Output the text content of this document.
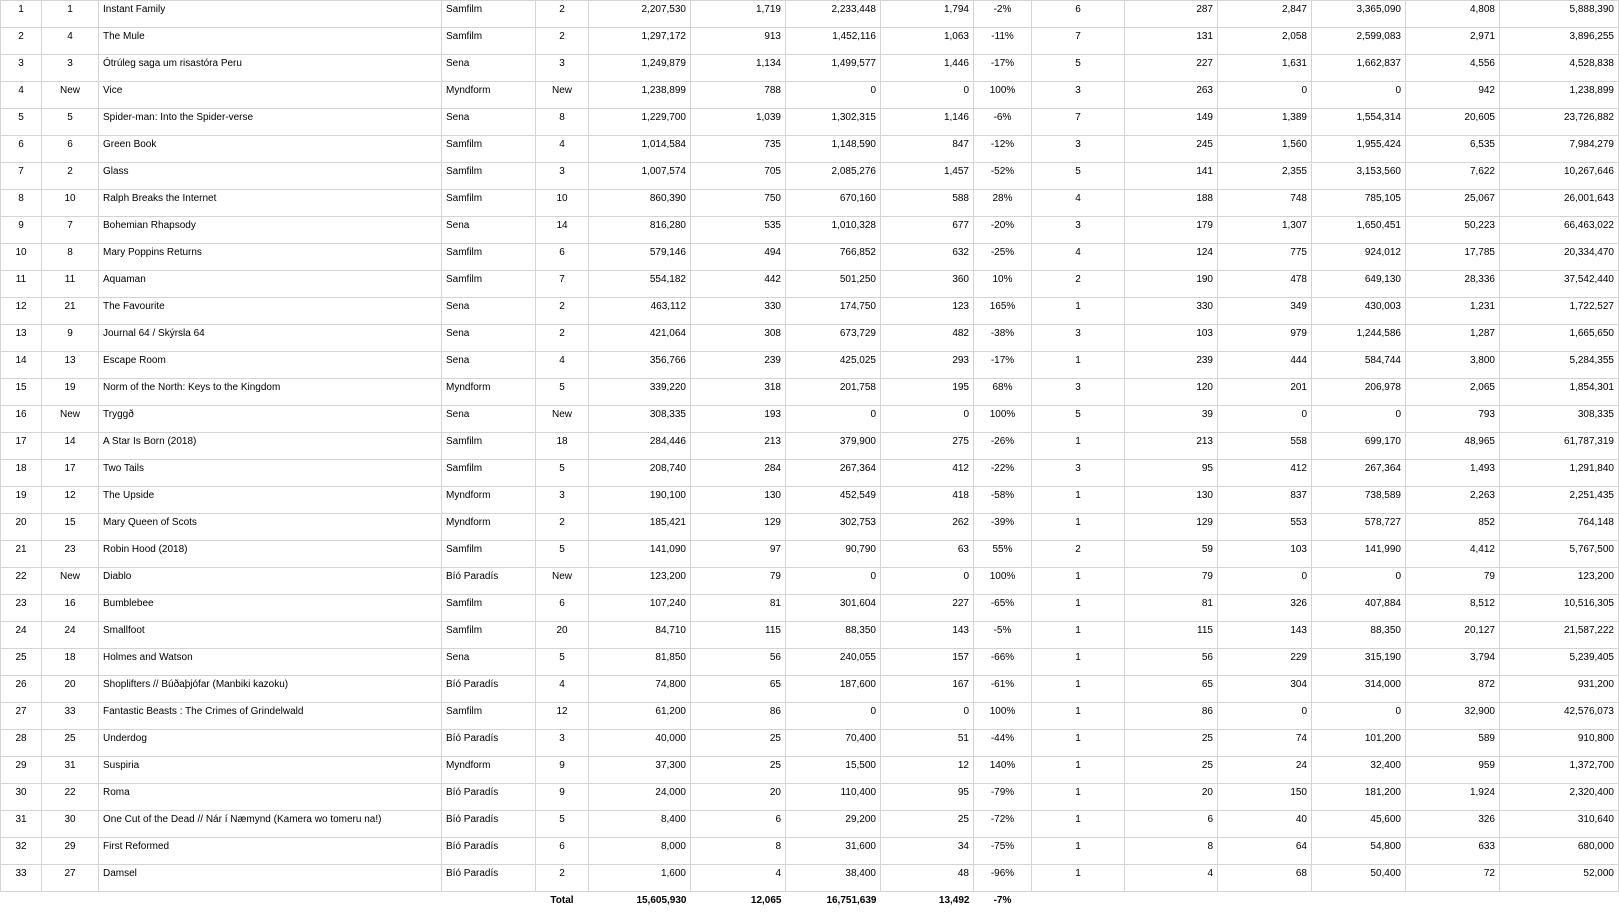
1	1	Instant Family	Samfilm	2	2,207,530	1,719	2,233,448	1,794	-2%	6	287	2,847	3,365,090	4,808	5,888,390
2	4	The Mule	Samfilm	2	1,297,172	913	1,452,116	1,063	-11%	7	131	2,058	2,599,083	2,971	3,896,255
3	3	Ótrúleg saga um risastóra Peru	Sena	3	1,249,879	1,134	1,499,577	1,446	-17%	5	227	1,631	1,662,837	4,556	4,528,838
4	New	Vice	Myndform	New	1,238,899	788	0	0	100%	3	263	0	0	942	1,238,899
5	5	Spider-man: Into the Spider-verse	Sena	8	1,229,700	1,039	1,302,315	1,146	-6%	7	149	1,389	1,554,314	20,605	23,726,882
6	6	Green Book	Samfilm	4	1,014,584	735	1,148,590	847	-12%	3	245	1,560	1,955,424	6,535	7,984,279
7	2	Glass	Samfilm	3	1,007,574	705	2,085,276	1,457	-52%	5	141	2,355	3,153,560	7,622	10,267,646
8	10	Ralph Breaks the Internet	Samfilm	10	860,390	750	670,160	588	28%	4	188	748	785,105	25,067	26,001,643
9	7	Bohemian Rhapsody	Sena	14	816,280	535	1,010,328	677	-20%	3	179	1,307	1,650,451	50,223	66,463,022
10	8	Mary Poppins Returns	Samfilm	6	579,146	494	766,852	632	-25%	4	124	775	924,012	17,785	20,334,470
11	11	Aquaman	Samfilm	7	554,182	442	501,250	360	10%	2	190	478	649,130	28,336	37,542,440
12	21	The Favourite	Sena	2	463,112	330	174,750	123	165%	1	330	349	430,003	1,231	1,722,527
13	9	Journal 64 / Skýrsla 64	Sena	2	421,064	308	673,729	482	-38%	3	103	979	1,244,586	1,287	1,665,650
14	13	Escape Room	Sena	4	356,766	239	425,025	293	-17%	1	239	444	584,744	3,800	5,284,355
15	19	Norm of the North: Keys to the Kingdom	Myndform	5	339,220	318	201,758	195	68%	3	120	201	206,978	2,065	1,854,301
16	New	Tryggð	Sena	New	308,335	193	0	0	100%	5	39	0	0	793	308,335
17	14	A Star Is Born (2018)	Samfilm	18	284,446	213	379,900	275	-26%	1	213	558	699,170	48,965	61,787,319
18	17	Two Tails	Samfilm	5	208,740	284	267,364	412	-22%	3	95	412	267,364	1,493	1,291,840
19	12	The Upside	Myndform	3	190,100	130	452,549	418	-58%	1	130	837	738,589	2,263	2,251,435
20	15	Mary Queen of Scots	Myndform	2	185,421	129	302,753	262	-39%	1	129	553	578,727	852	764,148
21	23	Robin Hood (2018)	Samfilm	5	141,090	97	90,790	63	55%	2	59	103	141,990	4,412	5,767,500
22	New	Diablo	Bíó Paradís	New	123,200	79	0	0	100%	1	79	0	0	79	123,200
23	16	Bumblebee	Samfilm	6	107,240	81	301,604	227	-65%	1	81	326	407,884	8,512	10,516,305
24	24	Smallfoot	Samfilm	20	84,710	115	88,350	143	-5%	1	115	143	88,350	20,127	21,587,222
25	18	Holmes and Watson	Sena	5	81,850	56	240,055	157	-66%	1	56	229	315,190	3,794	5,239,405
26	20	Shoplifters // Búðaþjófar (Manbiki kazoku)	Bíó Paradís	4	74,800	65	187,600	167	-61%	1	65	304	314,000	872	931,200
27	33	Fantastic Beasts : The Crimes of Grindelwald	Samfilm	12	61,200	86	0	0	100%	1	86	0	0	32,900	42,576,073
28	25	Underdog	Bíó Paradís	3	40,000	25	70,400	51	-44%	1	25	74	101,200	589	910,800
29	31	Suspiria	Myndform	9	37,300	25	15,500	12	140%	1	25	24	32,400	959	1,372,700
30	22	Roma	Bíó Paradís	9	24,000	20	110,400	95	-79%	1	20	150	181,200	1,924	2,320,400
31	30	One Cut of the Dead // Nár í Næmynd (Kamera wo tomeru na!)	Bíó Paradís	5	8,400	6	29,200	25	-72%	1	6	40	45,600	326	310,640
32	29	First Reformed	Bíó Paradís	6	8,000	8	31,600	34	-75%	1	8	64	54,800	633	680,000
33	27	Damsel	Bíó Paradís	2	1,600	4	38,400	48	-96%	1	4	68	50,400	72	52,000
				Total	15,605,930	12,065	16,751,639	13,492	-7%						
